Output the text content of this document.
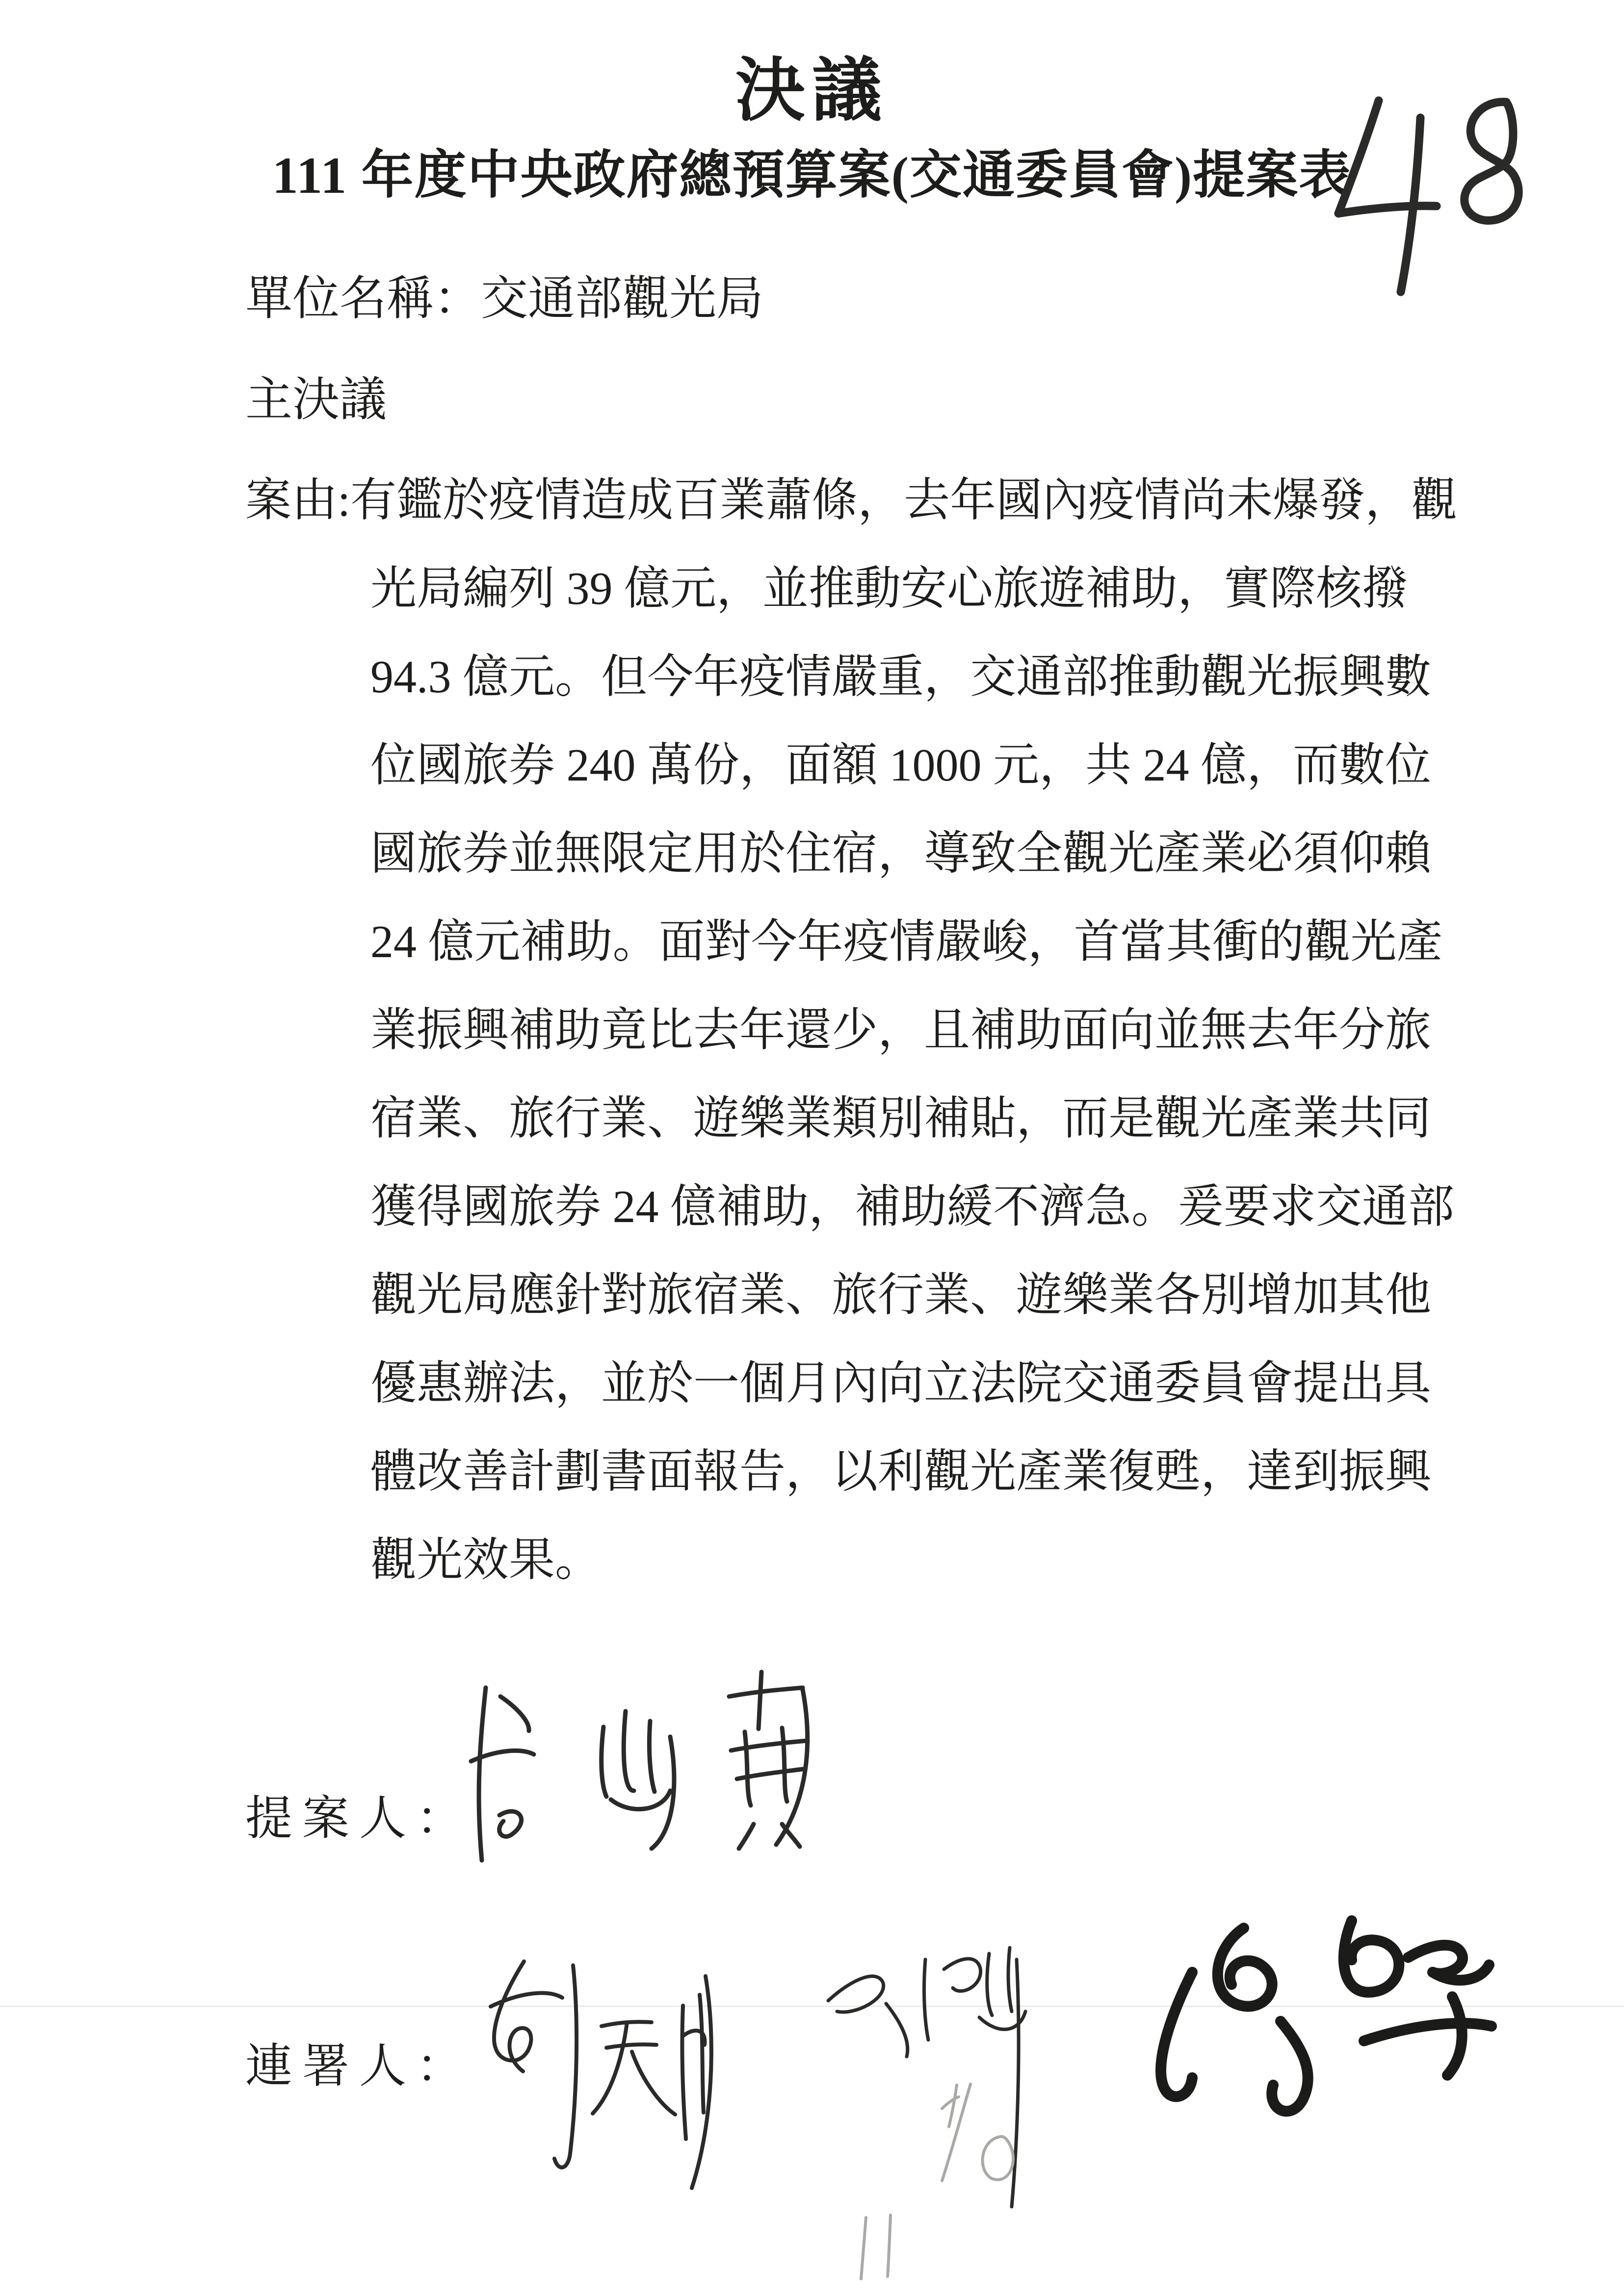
決議
111 年度中央政府總預算案(交通委員會)提案表
單位名稱：交通部觀光局
主決議
案由:有鑑於疫情造成百業蕭條，去年國內疫情尚未爆發，觀
光局編列 39 億元，並推動安心旅遊補助，實際核撥
94.3 億元。但今年疫情嚴重，交通部推動觀光振興數
位國旅券 240 萬份，面額 1000 元，共 24 億，而數位
國旅券並無限定用於住宿，導致全觀光產業必須仰賴
24 億元補助。面對今年疫情嚴峻，首當其衝的觀光產
業振興補助竟比去年還少，且補助面向並無去年分旅
宿業、旅行業、遊樂業類別補貼，而是觀光產業共同
獲得國旅券 24 億補助，補助緩不濟急。爰要求交通部
觀光局應針對旅宿業、旅行業、遊樂業各別增加其他
優惠辦法，並於一個月內向立法院交通委員會提出具
體改善計劃書面報告，以利觀光產業復甦，達到振興
觀光效果。
提案人：
連署人：
